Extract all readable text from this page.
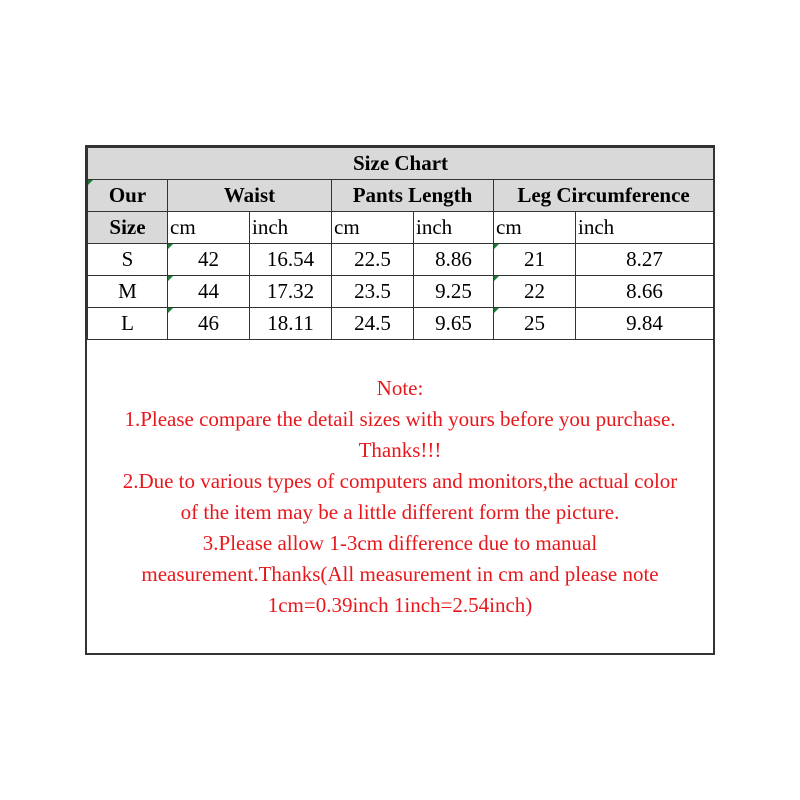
Size Chart						
Our	Waist		Pants Length		Leg Circumference	
Size	cm	inch	cm	inch	cm	inch
S	42	16.54	22.5	8.86	21	8.27
M	44	17.32	23.5	9.25	22	8.66
L	46	18.11	24.5	9.65	25	9.84
Note:
1.Please compare the detail sizes with yours before you purchase.
Thanks!!!
2.Due to various types of computers and monitors,the actual color
of the item may be a little different form the picture.
3.Please allow 1-3cm difference due to manual
measurement.Thanks(All measurement in cm and please note
1cm=0.39inch 1inch=2.54inch)
